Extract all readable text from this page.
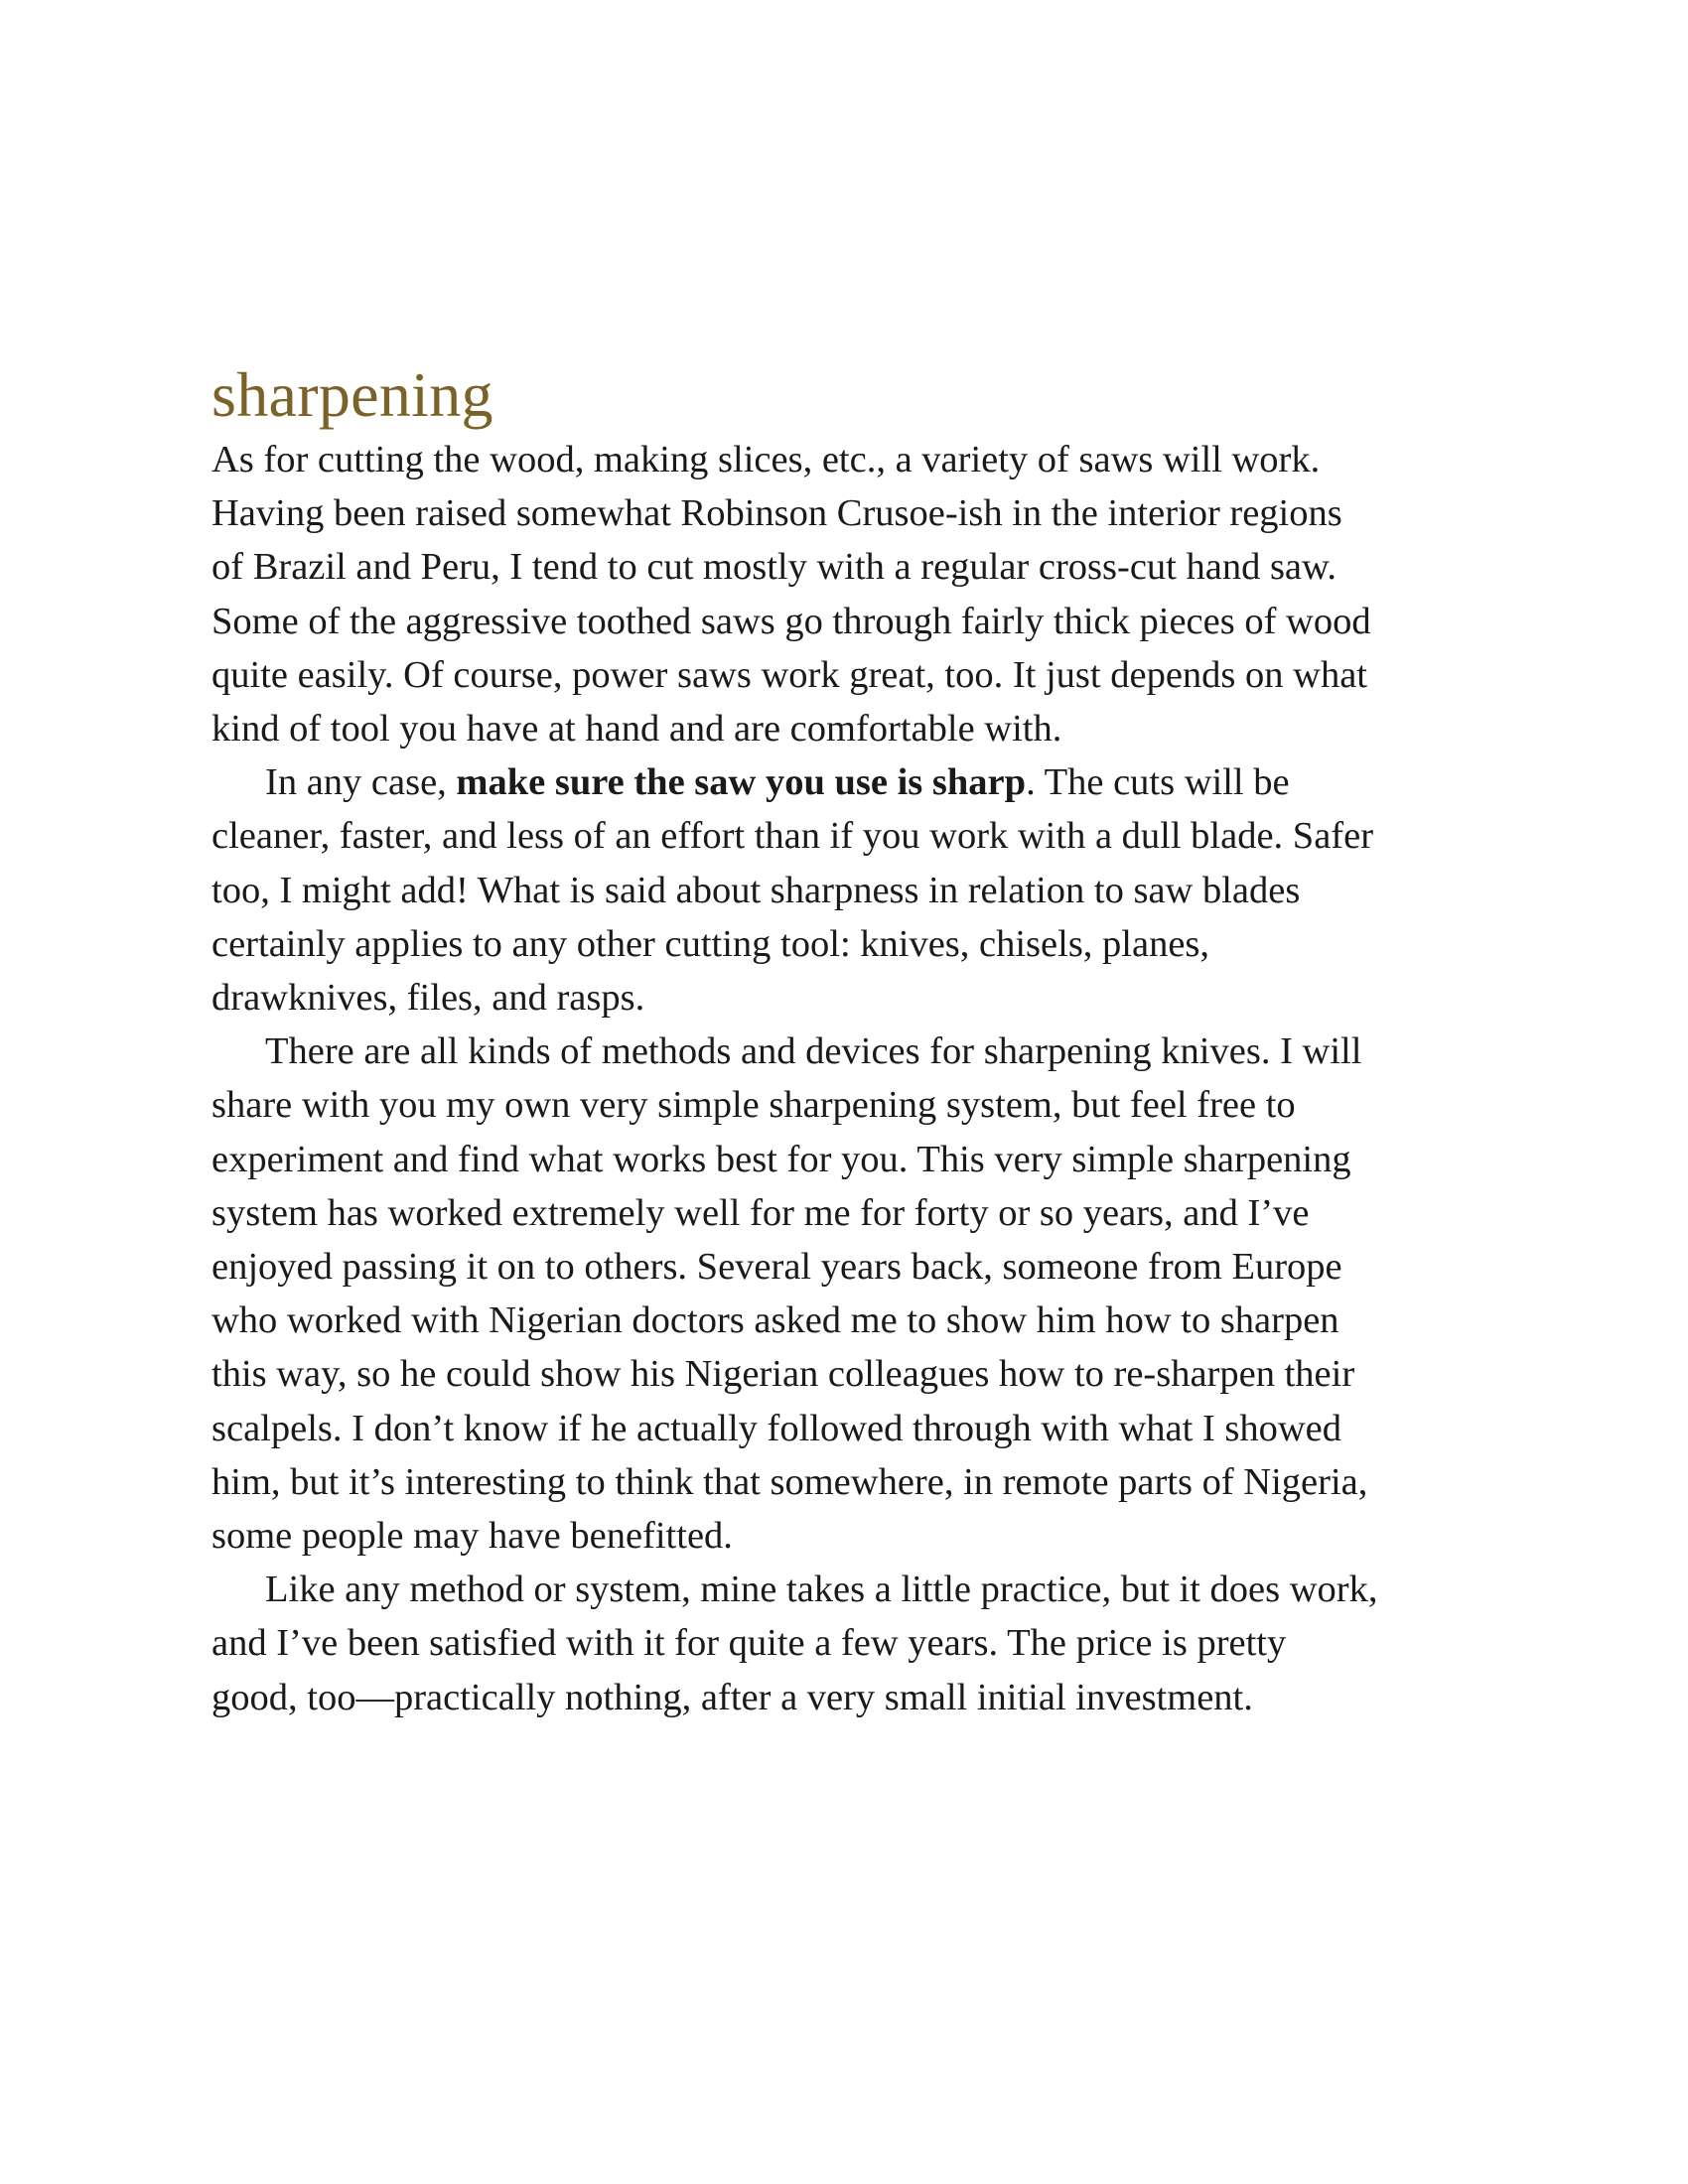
sharpening

As for cutting the wood, making slices, etc., a variety of saws will work.
Having been raised somewhat Robinson Crusoe-ish in the interior regions
of Brazil and Peru, I tend to cut mostly with a regular cross-cut hand saw.
Some of the aggressive toothed saws go through fairly thick pieces of wood
quite easily. Of course, power saws work great, too. It just depends on what
kind of tool you have at hand and are comfortable with.

In any case, make sure the saw you use is sharp. The cuts will be
cleaner, faster, and less of an effort than if you work with a dull blade. Safer
too, I might add! What is said about sharpness in relation to saw blades
certainly applies to any other cutting tool: knives, chisels, planes,
drawknives, files, and rasps.

There are all kinds of methods and devices for sharpening knives. I will
share with you my own very simple sharpening system, but feel free to
experiment and find what works best for you. This very simple sharpening
system has worked extremely well for me for forty or so years, and I’ve
enjoyed passing it on to others. Several years back, someone from Europe
who worked with Nigerian doctors asked me to show him how to sharpen
this way, so he could show his Nigerian colleagues how to re-sharpen their
scalpels. I don’t know if he actually followed through with what I showed
him, but it’s interesting to think that somewhere, in remote parts of Nigeria,
some people may have benefitted.

Like any method or system, mine takes a little practice, but it does work,
and I’ve been satisfied with it for quite a few years. The price is pretty
good, too—practically nothing, after a very small initial investment.
